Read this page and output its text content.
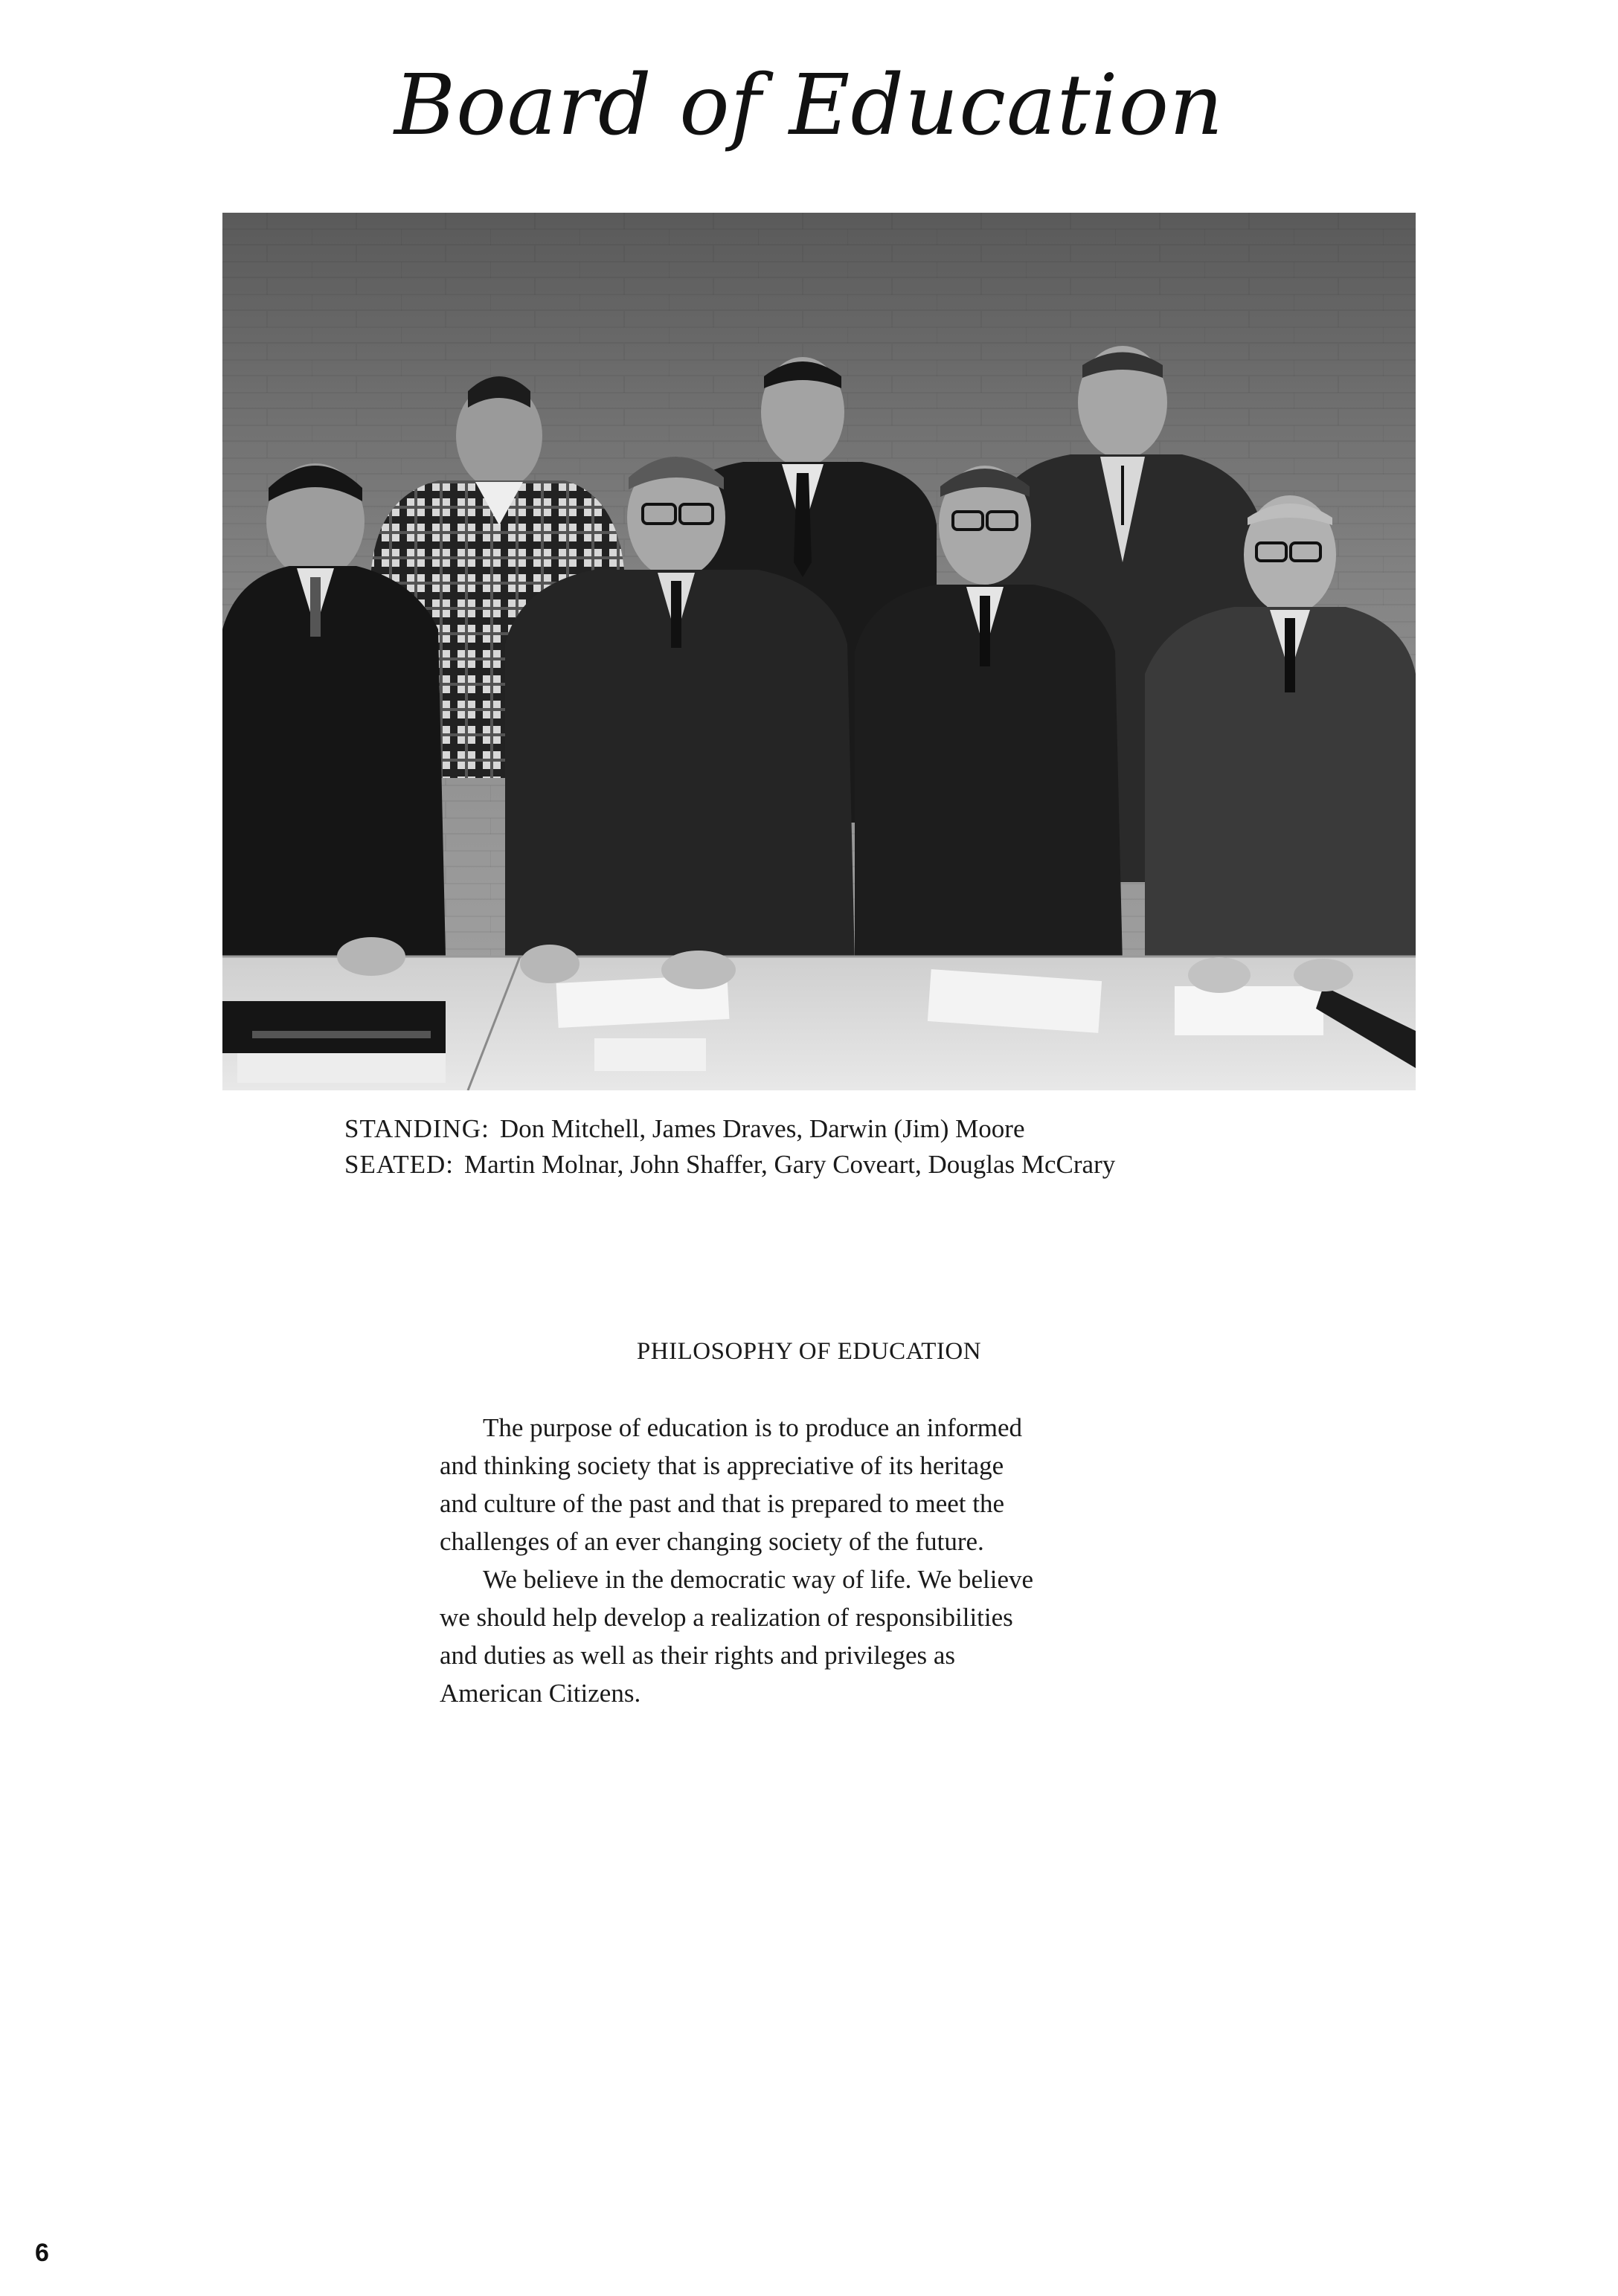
Board of Education
STANDING: Don Mitchell, James Draves, Darwin (Jim) Moore
SEATED: Martin Molnar, John Shaffer, Gary Coveart, Douglas McCrary
PHILOSOPHY OF EDUCATION
The purpose of education is to produce an informed
and thinking society that is appreciative of its heritage
and culture of the past and that is prepared to meet the
challenges of an ever changing society of the future.
We believe in the democratic way of life. We believe
we should help develop a realization of responsibilities
and duties as well as their rights and privileges as
American Citizens.
6
